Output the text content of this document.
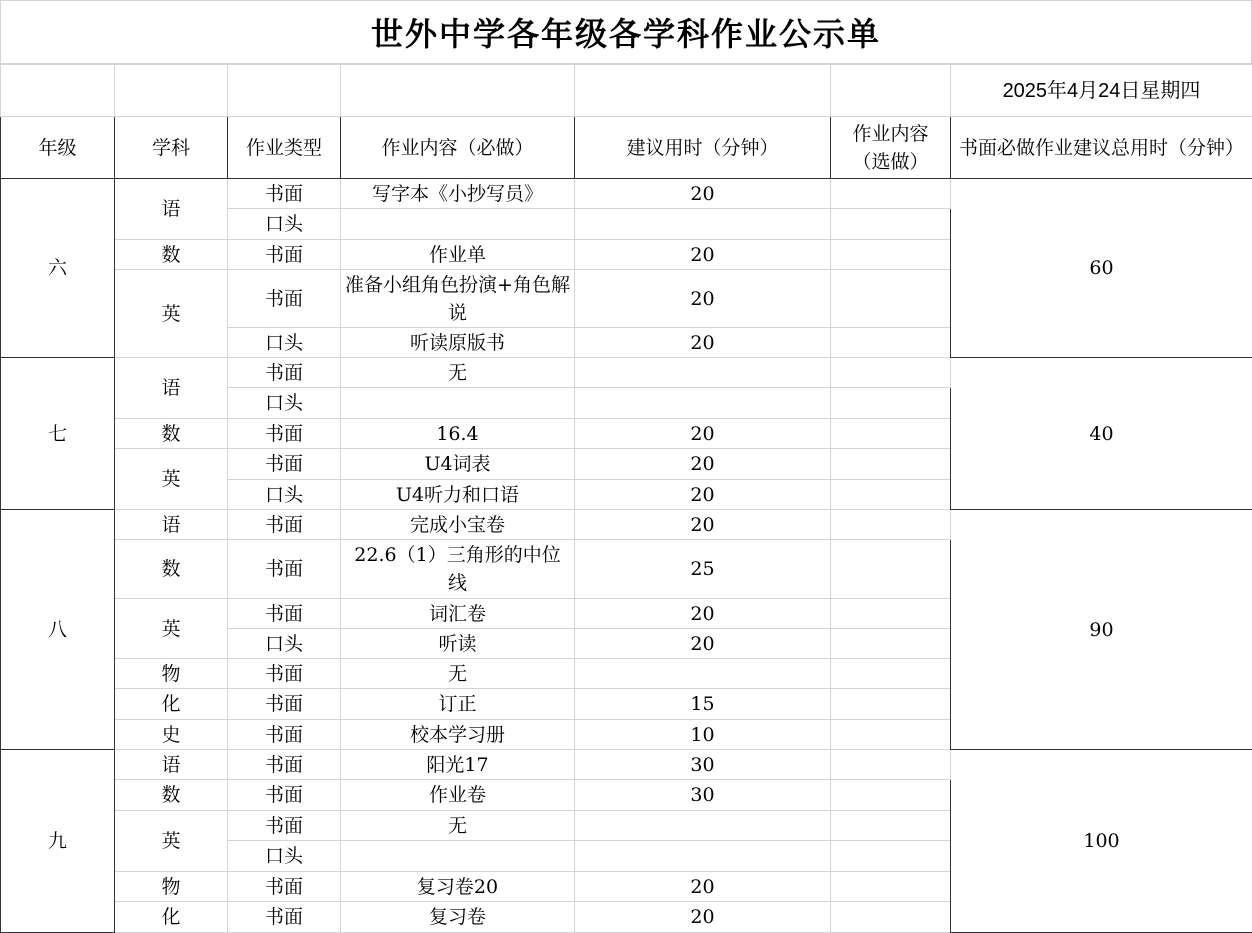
世外中学各年级各学科作业公示单
						2025年4月24日星期四
年级	学科	作业类型	作业内容（必做）	建议用时（分钟）	作业内容（选做）	书面必做作业建议总用时（分钟）
六	语	书面	写字本《小抄写员》	20		60
		口头				
	数	书面	作业单	20		
	英	书面	准备小组角色扮演+角色解说	20		
		口头	听读原版书	20		
七	语	书面	无			40
		口头				
	数	书面	16.4	20		
	英	书面	U4词表	20		
		口头	U4听力和口语	20		
八	语	书面	完成小宝卷	20		90
	数	书面	22.6（1）三角形的中位线	25		
	英	书面	词汇卷	20		
		口头	听读	20		
	物	书面	无			
	化	书面	订正	15		
	史	书面	校本学习册	10		
九	语	书面	阳光17	30		100
	数	书面	作业卷	30		
	英	书面	无			
		口头				
	物	书面	复习卷20	20		
	化	书面	复习卷	20		
